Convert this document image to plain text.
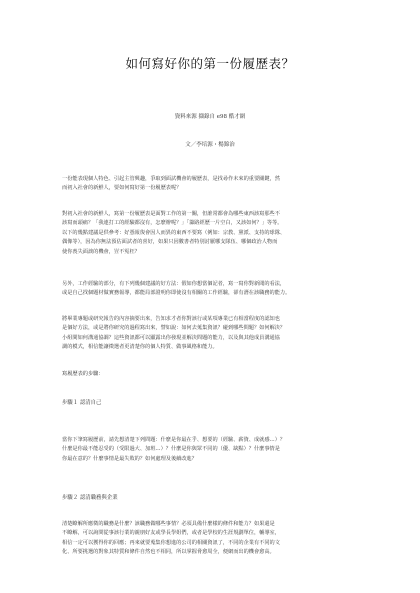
如何寫好你的第一份履歷表？
資料來源 擷錄自 e98 酷才網
文／李培源・楊錦治
一份能表現個人特色、引起主管興趣，爭取到面試機會的履歷表，是找尋作未來的重要關鍵，然
而初入社會的新鮮人，要如何寫好第一份履歷表呢？
對初入社會的新鮮人，寫第一份履歷表是面對工作的第一關，但誰常都會為哪些東西該寫那些不
該寫而頭痛？「我連打工的經驗都沒有，怎麼辦呢？」「籌路經歷一片空白，又該如何？」等等。
以下的幾點建議是供參考：好憑報復會因人而異的東西不要寫（例如：宗教、黨派、支持的球隊、
偶像等），因為你無法預估面試者的喜好，如果只因數書者特別討厭哪支隊伍、哪個政治人物而
使你喪失面談的機會，豈不冤枉？
另外，工作經驗的部分，有下列幾個建議的好方法：假如你想當個記者，寫一寫你對新聞的看法，
或是自己找個題材做實務報導，都能局部證明你即使沒有相關的工作經驗，卻有潛在該職務的能力。
將畢業專題或研究報告的內容摘要出來，告知求才者你對該行或某項專業已有相當程度的認知也
是個好方法，或是將你研究的過程寫出來，譬如說：如何去蒐集資訊？碰到哪些問題？如何解決？
小組間如何溝通協調？這些資訊都可以顯露出你發現並解決問題的能力，以及與其他成員溝通協
調的模式，相信能讓徵選者更清楚你的個人特質、做事風格和能力。
寫履歷表的步驟：
步驟１ 認清自己
當你下筆寫履歷前，請先想清楚下列問題：什麼是你最在乎、想要的（經驗、薪資、成就感…）？
什麼是你最不能忍受的（受限過大、加班…）？什麼是你與眾不同的（優、缺點）？什麼事情是
你最在意的？什麼事情是最失敗的？如何處理及後續改進？
步驟２ 認清職務與企業
清楚瞭解所應徵的職務是什麼？該職務做哪些事情？必須具備什麼樣的條件和能力？如果還是
不瞭解，可以詢問從事該行業的親朋好友或學長學姐們，或者是學校的生涯規劃單位，輔導室，
相信一定可以獲得你的回應；再來就要蒐集你想進的公司的相關資訊了，不同的企業有不同的文
化、所要挑選的對象其特質和條件自然也不相同，所以掌握脅愈周全，便網而出的機會愈高。
